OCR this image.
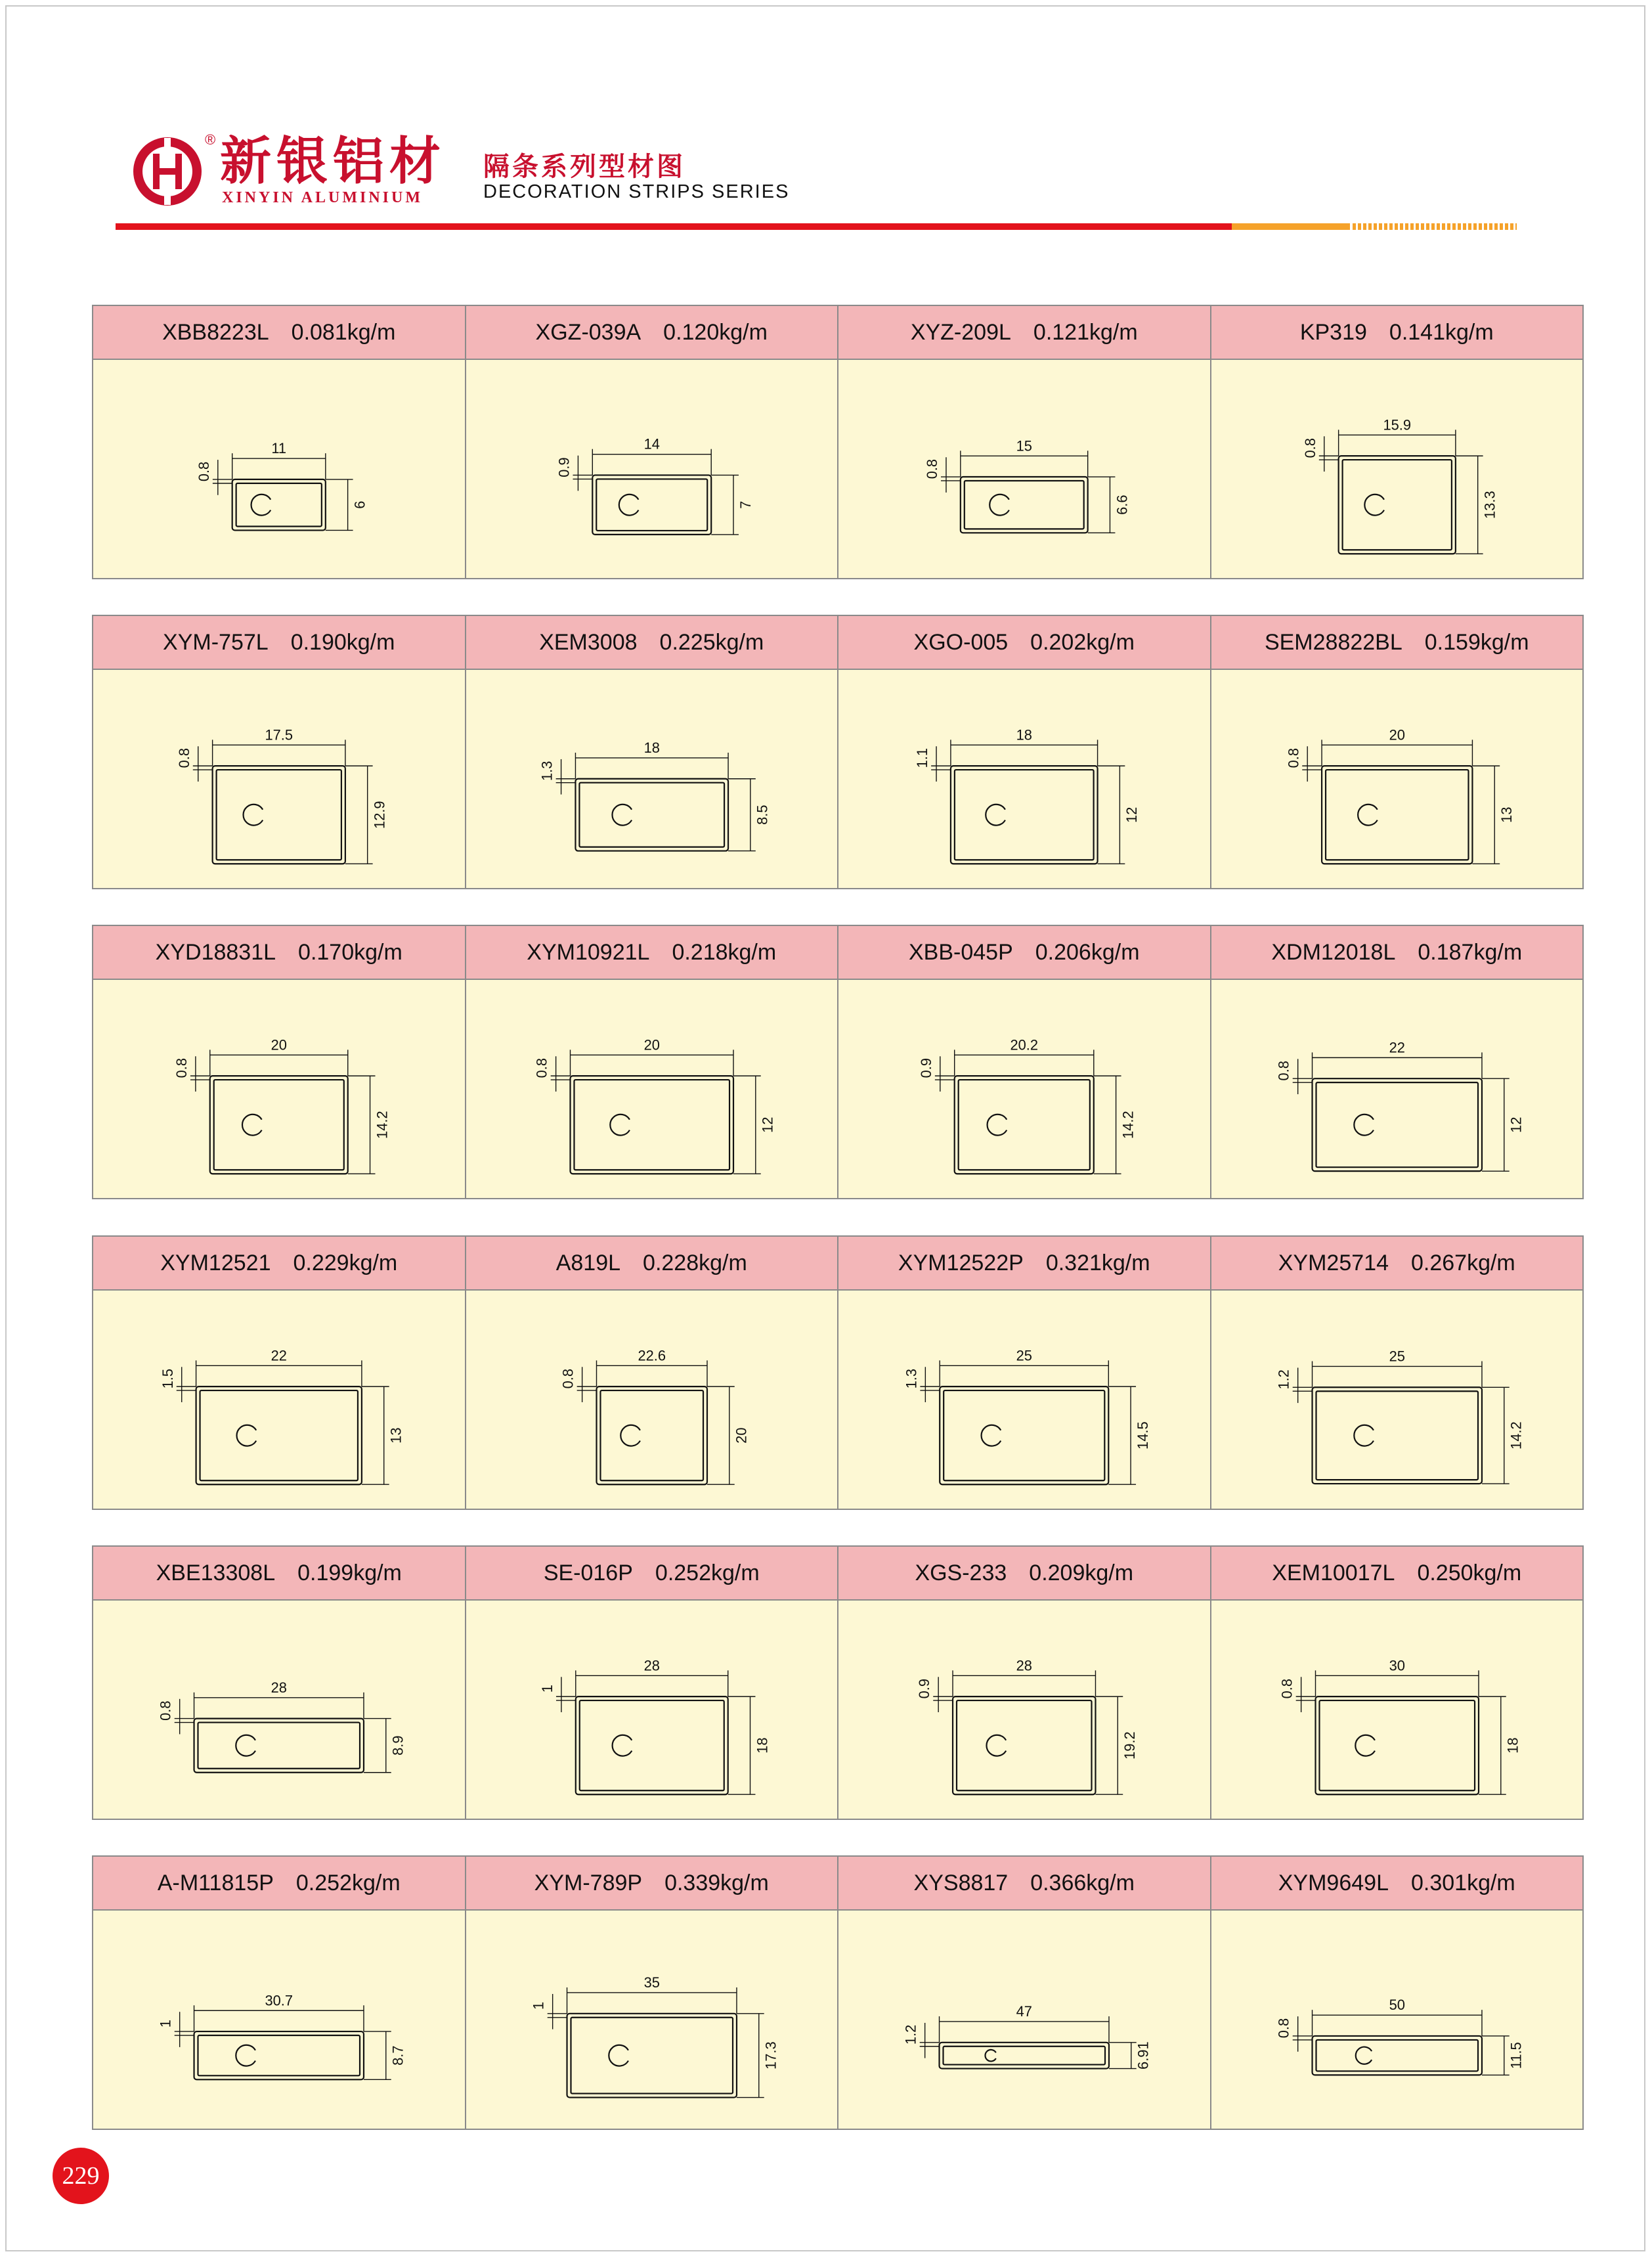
® 新银铝材
XINYIN ALUMINIUM
隔条系列型材图
DECORATION STRIPS SERIES
XBB8223L 0.081kg/m
11
6
0.8
XGZ-039A 0.120kg/m
14
7
0.9
XYZ-209L 0.121kg/m
15
6.6
0.8
KP319 0.141kg/m
15.9
13.3
0.8
XYM-757L 0.190kg/m
17.5
12.9
0.8
XEM3008 0.225kg/m
18
8.5
1.3
XGO-005 0.202kg/m
18
12
1.1
SEM28822BL 0.159kg/m
20
13
0.8
XYD18831L 0.170kg/m
20
14.2
0.8
XYM10921L 0.218kg/m
20
12
0.8
XBB-045P 0.206kg/m
20.2
14.2
0.9
XDM12018L 0.187kg/m
22
12
0.8
XYM12521 0.229kg/m
22
13
1.5
A819L 0.228kg/m
22.6
20
0.8
XYM12522P 0.321kg/m
25
14.5
1.3
XYM25714 0.267kg/m
25
14.2
1.2
XBE13308L 0.199kg/m
28
8.9
0.8
SE-016P 0.252kg/m
28
18
1
XGS-233 0.209kg/m
28
19.2
0.9
XEM10017L 0.250kg/m
30
18
0.8
A-M11815P 0.252kg/m
30.7
8.7
1
XYM-789P 0.339kg/m
35
17.3
1
XYS8817 0.366kg/m
47
6.91
1.2
XYM9649L 0.301kg/m
50
11.5
0.8
229
